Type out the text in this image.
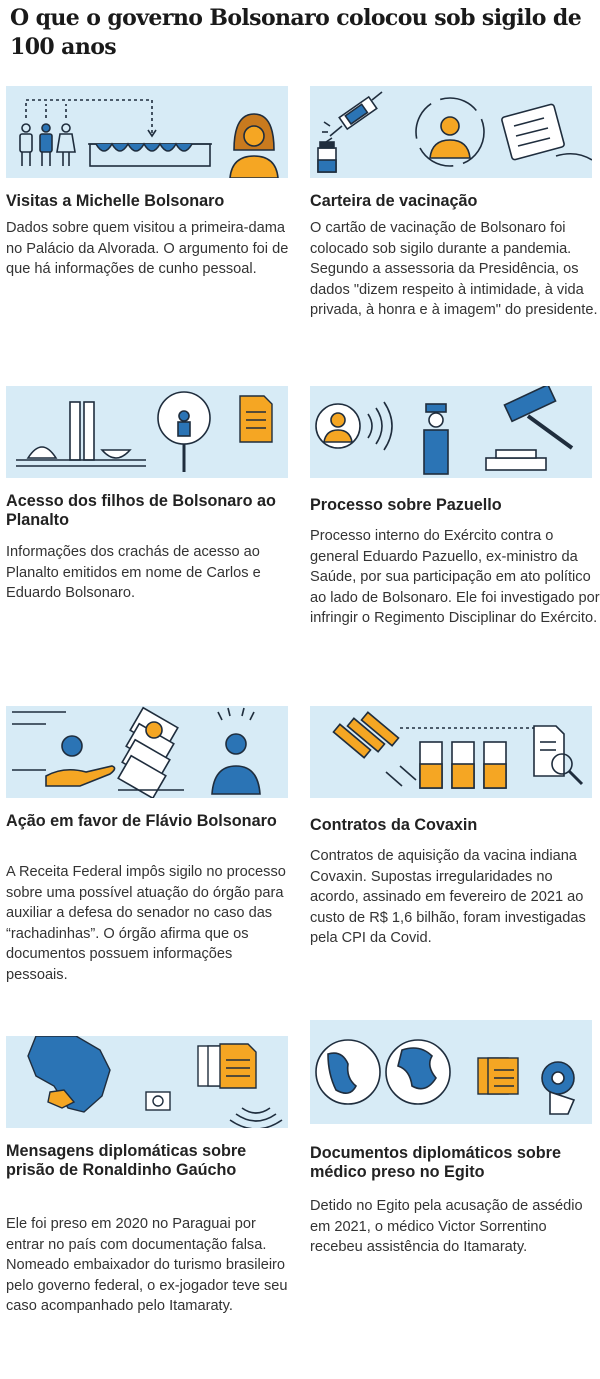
O que o governo Bolsonaro colocou sob sigilo de 100 anos
Visitas a Michelle Bolsonaro

Dados sobre quem visitou a primeira-dama no Palácio da Alvorada. O argumento foi de que há informações de cunho pessoal.

Carteira de vacinação

O cartão de vacinação de Bolsonaro foi colocado sob sigilo durante a pandemia. Segundo a assessoria da Presidência, os dados "dizem respeito à intimidade, à vida privada, à honra e à imagem" do presidente.

Acesso dos filhos de Bolsonaro ao Planalto

Informações dos crachás de acesso ao Planalto emitidos em nome de Carlos e Eduardo Bolsonaro.

Processo sobre Pazuello

Processo interno do Exército contra o general Eduardo Pazuello, ex-ministro da Saúde, por sua participação em ato político ao lado de Bolsonaro. Ele foi investigado por infringir o Regimento Disciplinar do Exército.

Ação em favor de Flávio Bolsonaro

A Receita Federal impôs sigilo no processo sobre uma possível atuação do órgão para auxiliar a defesa do senador no caso das “rachadinhas”. O órgão afirma que os documentos possuem informações pessoais.

Contratos da Covaxin

Contratos de aquisição da vacina indiana Covaxin. Supostas irregularidades no acordo, assinado em fevereiro de 2021 ao custo de R$ 1,6 bilhão, foram investigadas pela CPI da Covid.

Mensagens diplomáticas sobre prisão de Ronaldinho Gaúcho

Ele foi preso em 2020 no Paraguai por entrar no país com documentação falsa. Nomeado embaixador do turismo brasileiro pelo governo federal, o ex-jogador teve seu caso acompanhado pelo Itamaraty.

Documentos diplomáticos sobre médico preso no Egito

Detido no Egito pela acusação de assédio em 2021, o médico Victor Sorrentino recebeu assistência do Itamaraty.
